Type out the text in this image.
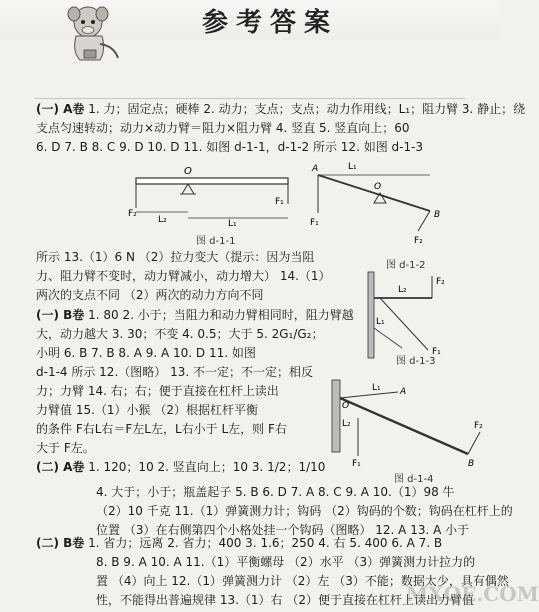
参考答案
(一) A卷 1. 力；固定点；硬棒 2. 动力；支点；支点；动力作用线；L₁；阻力臂 3. 静止；绕
支点匀速转动；动力×动力臂＝阻力×阻力臂 4. 竖直 5. 竖直向上；60
6. D 7. B 8. C 9. D 10. D 11. 如图 d-1-1，d-1-2 所示 12. 如图 d-1-3
O
F₁
F₂
L₂	L₁
图 d-1-1
A
B
O
L₁
F₁
F₂
图 d-1-2
所示 13.（1）6 N （2）拉力变大（提示：因为当阻
力、阻力臂不变时，动力臂减小，动力增大） 14.（1）
两次的支点不同 （2）两次的动力方向不同
F₂
L₂
L₁
F₁
图 d-1-3
(一) B卷 1. 80 2. 小于；当阻力和动力臂相同时，阻力臂越
大，动力越大 3. 30；不变 4. 0.5；大于 5. 2G₁/G₂；
小明 6. B 7. B 8. A 9. A 10. D 11. 如图
d-1-4 所示 12.（图略） 13. 不一定；不一定；相反
力；力臂 14. 右；右；便于直接在杠杆上读出
力臂值 15.（1）小猴 （2）根据杠杆平衡
的条件 F右L右＝F左L左，L右小于 L左，则 F右
大于 F左。
A
O
L₁
L₂	F₂
B
F₁
图 d-1-4
(二) A卷 1. 120；10 2. 竖直向上；10 3. 1/2；1/10
4. 大于；小于；瓶盖起子 5. B 6. D 7. A 8. C 9. A 10.（1）98 牛
（2）10 千克 11.（1）弹簧测力计；钩码 （2）钩码的个数；钩码在杠杆上的
位置 （3）在右侧第四个小格处挂一个钩码（图略） 12. A 13. A 小于
(二) B卷 1. 省力；远离 2. 省力；400 3. 1.6；250 4. 右 5. 400 6. A 7. B
8. B 9. A 10. A 11.（1）平衡螺母 （2）水平 （3）弹簧测力计拉力的
置 （4）向上 12.（1）弹簧测力计 （2）左 （3）不能；数据太少，具有偶然
性，不能得出普遍规律 13.（1）右 （2）便于直接在杠杆上读出力臂值
MXQE.COM
